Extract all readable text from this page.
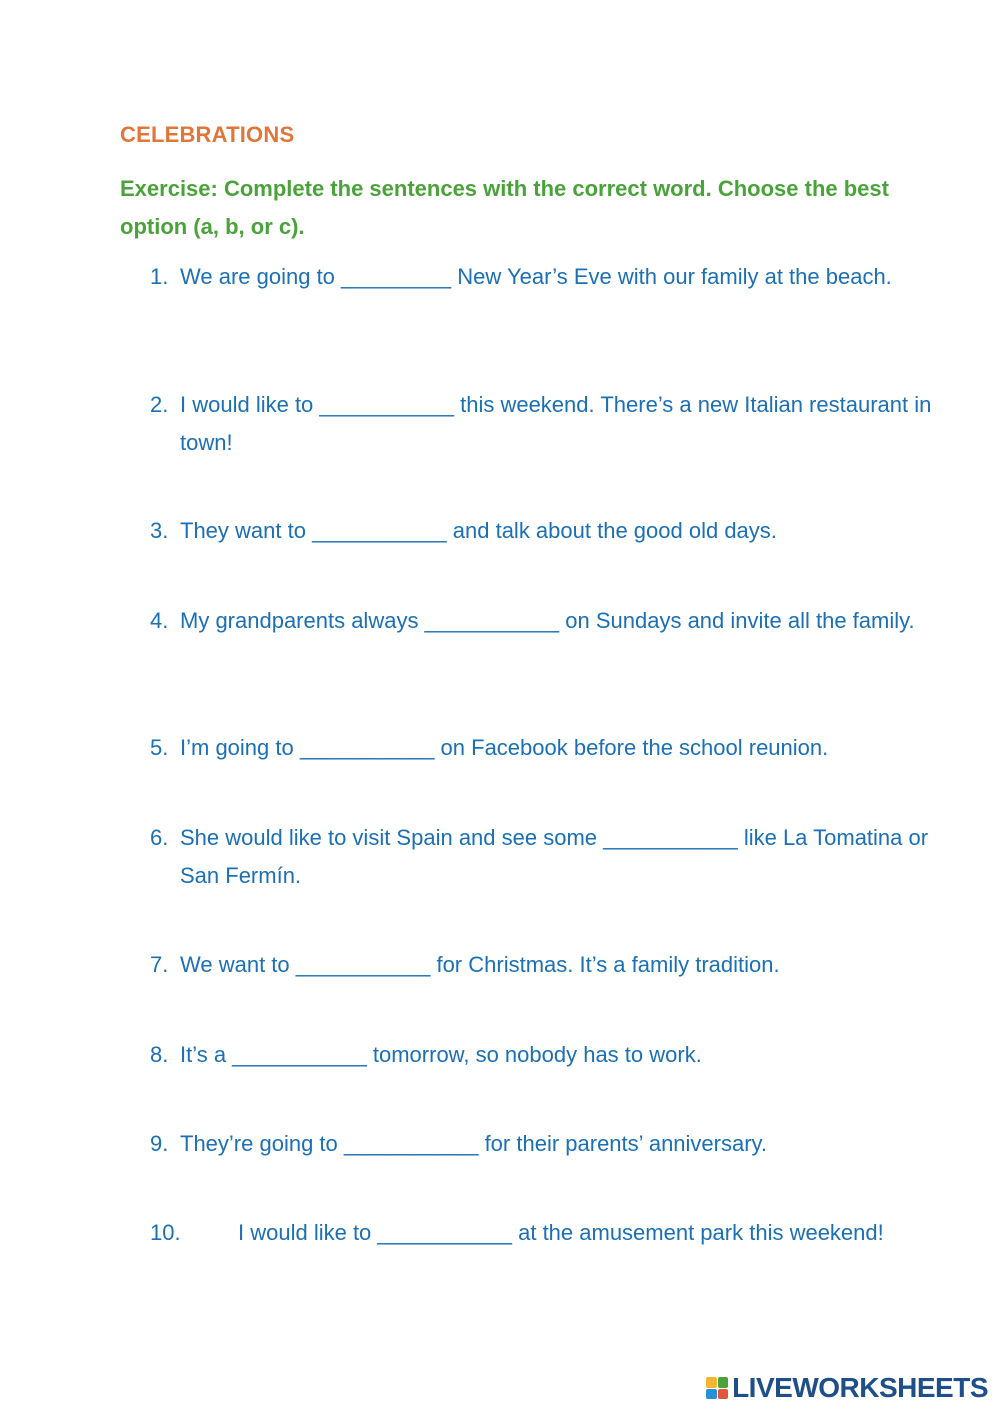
CELEBRATIONS

Exercise: Complete the sentences with the correct word. Choose the best option (a, b, or c).

1. We are going to _________ New Year’s Eve with our family at the beach.
2. I would like to ___________ this weekend. There’s a new Italian restaurant in town!
3. They want to ___________ and talk about the good old days.
4. My grandparents always ___________ on Sundays and invite all the family.
5. I’m going to ___________ on Facebook before the school reunion.
6. She would like to visit Spain and see some ___________ like La Tomatina or San Fermín.
7. We want to ___________ for Christmas. It’s a family tradition.
8. It’s a ___________ tomorrow, so nobody has to work.
9. They’re going to ___________ for their parents’ anniversary.
10.	I would like to ___________ at the amusement park this weekend!
LIVEWORKSHEETS
